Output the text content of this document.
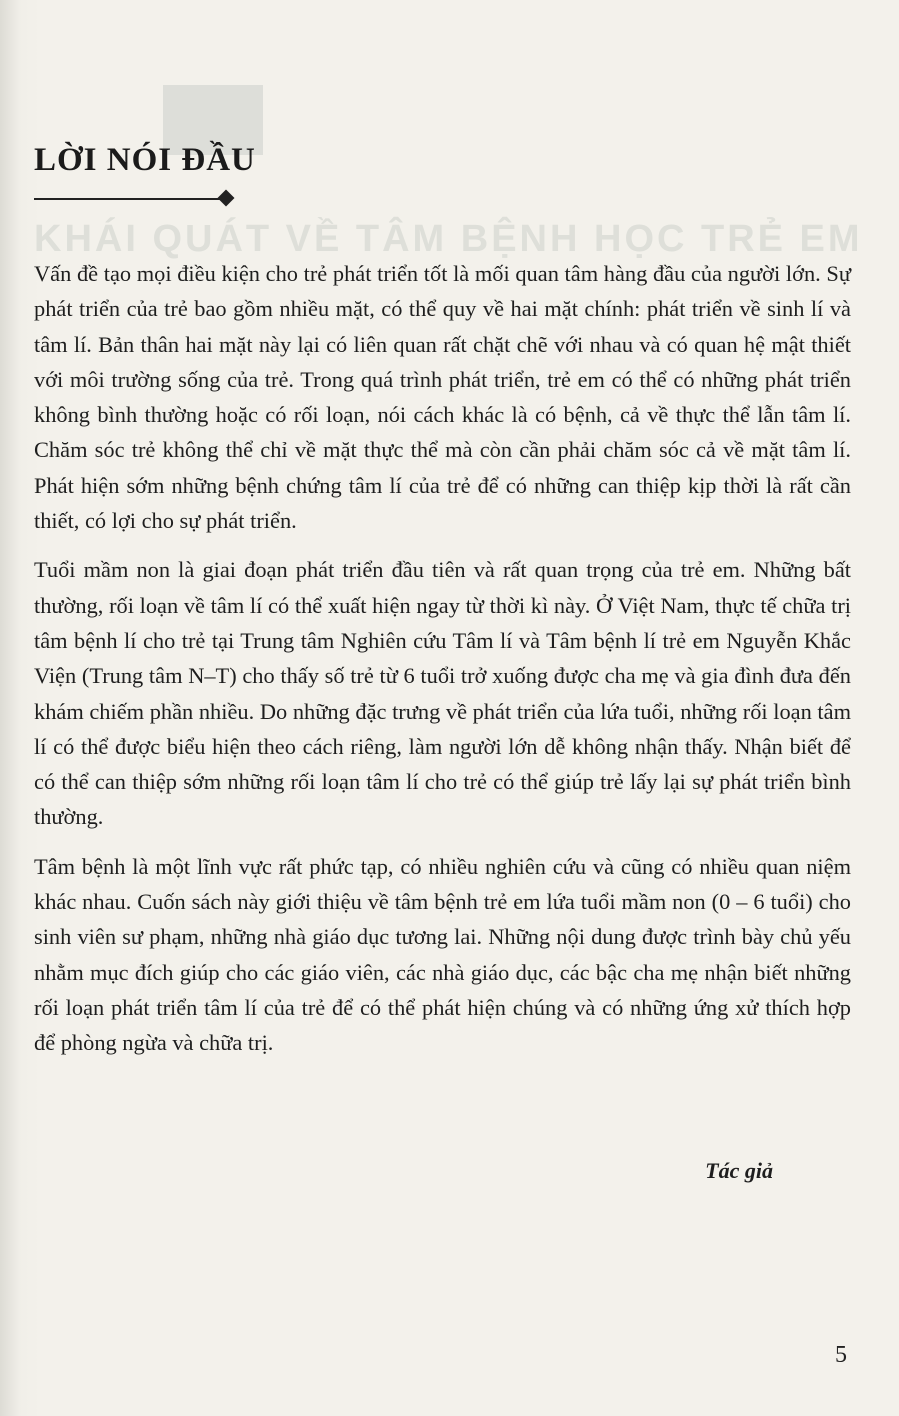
KHÁI QUÁT VỀ TÂM BỆNH HỌC TRẺ EM
LỜI NÓI ĐẦU

Vấn đề tạo mọi điều kiện cho trẻ phát triển tốt là mối quan tâm hàng đầu của người lớn. Sự phát triển của trẻ bao gồm nhiều mặt, có thể quy về hai mặt chính: phát triển về sinh lí và tâm lí. Bản thân hai mặt này lại có liên quan rất chặt chẽ với nhau và có quan hệ mật thiết với môi trường sống của trẻ. Trong quá trình phát triển, trẻ em có thể có những phát triển không bình thường hoặc có rối loạn, nói cách khác là có bệnh, cả về thực thể lẫn tâm lí. Chăm sóc trẻ không thể chỉ về mặt thực thể mà còn cần phải chăm sóc cả về mặt tâm lí. Phát hiện sớm những bệnh chứng tâm lí của trẻ để có những can thiệp kịp thời là rất cần thiết, có lợi cho sự phát triển.

Tuổi mầm non là giai đoạn phát triển đầu tiên và rất quan trọng của trẻ em. Những bất thường, rối loạn về tâm lí có thể xuất hiện ngay từ thời kì này. Ở Việt Nam, thực tế chữa trị tâm bệnh lí cho trẻ tại Trung tâm Nghiên cứu Tâm lí và Tâm bệnh lí trẻ em Nguyễn Khắc Viện (Trung tâm N–T) cho thấy số trẻ từ 6 tuổi trở xuống được cha mẹ và gia đình đưa đến khám chiếm phần nhiều. Do những đặc trưng về phát triển của lứa tuổi, những rối loạn tâm lí có thể được biểu hiện theo cách riêng, làm người lớn dễ không nhận thấy. Nhận biết để có thể can thiệp sớm những rối loạn tâm lí cho trẻ có thể giúp trẻ lấy lại sự phát triển bình thường.

Tâm bệnh là một lĩnh vực rất phức tạp, có nhiều nghiên cứu và cũng có nhiều quan niệm khác nhau. Cuốn sách này giới thiệu về tâm bệnh trẻ em lứa tuổi mầm non (0 – 6 tuổi) cho sinh viên sư phạm, những nhà giáo dục tương lai. Những nội dung được trình bày chủ yếu nhằm mục đích giúp cho các giáo viên, các nhà giáo dục, các bậc cha mẹ nhận biết những rối loạn phát triển tâm lí của trẻ để có thể phát hiện chúng và có những ứng xử thích hợp để phòng ngừa và chữa trị.

Tác giả
5
